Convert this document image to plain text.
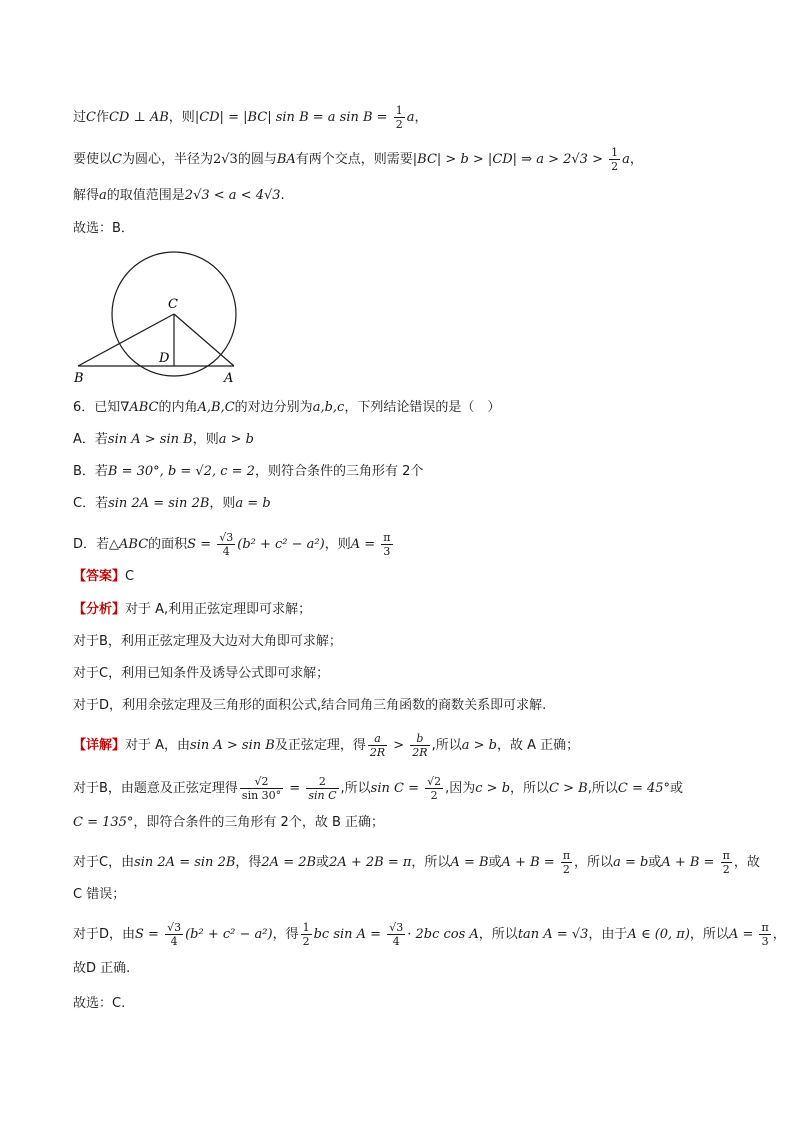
过C作CD ⊥ AB，则|CD| = |BC| sin B = a $\sin B = \frac{1}{2}$ a，
要使以C为圆心，半径为2√3的圆与BA有两个交点，则需要|BC| > b > |CD| ⇒ $a > 2√3 > \frac{1}{2}$ a，
解得a的取值范围是2√3 < a < 4√3.
故选：B．
C
D
B	A
6．已知∇ABC的内角A,B,C的对边分别为a,b,c，下列结论错误的是（　）
A．若sin A > sin B，则a > b
B．若B = 30°, b = √2, c = 2，则符合条件的三角形有 2个
C．若sin 2A = sin 2B，则a = b
D．若△ABC的面积$S = \frac{√3}{4} (b^2 + c^2 - a^2)$，则$A = \frac{\pi}{3}$
【答案】C
【分析】对于 A,利用正弦定理即可求解；
对于B，利用正弦定理及大边对大角即可求解；
对于C，利用已知条件及诱导公式即可求解；
对于D，利用余弦定理及三角形的面积公式,结合同角三角函数的商数关系即可求解.
【详解】对于 A，由sin A > sin B及正弦定理，得 $\frac{a}{2R} > \frac{b}{2R}$ ,所以a > b，故 A 正确；
对于B，由题意及正弦定理得 $\frac{√2}{\sin 30^\circ} = \frac{2}{\text{sin C}}$ ,所以$\sin C = \frac{√2}{2}$ ,因为c > b，所以C > B,所以C = 45°或
C = 135°，即符合条件的三角形有 2个，故 B 正确；
对于C，由sin 2A = sin 2B，得2A = 2B或2A + 2B = π，所以A = B或$A + B = \frac{\pi}{2}$ ，所以a = b或$A + B = \frac{\pi}{2}$ ，故
C 错误；
对于D，由$S = \frac{√3}{4} (b^2 + c^2 - a^2)$，得 $\frac{1}{2}$ bc $\sin A = \frac{√3}{4} \cdot 2bc$ cos A，所以tan A = √3，由于A ∈ (0, π)，所以$A = \frac{\pi}{3}$ ，
故D 正确.
故选：C.
